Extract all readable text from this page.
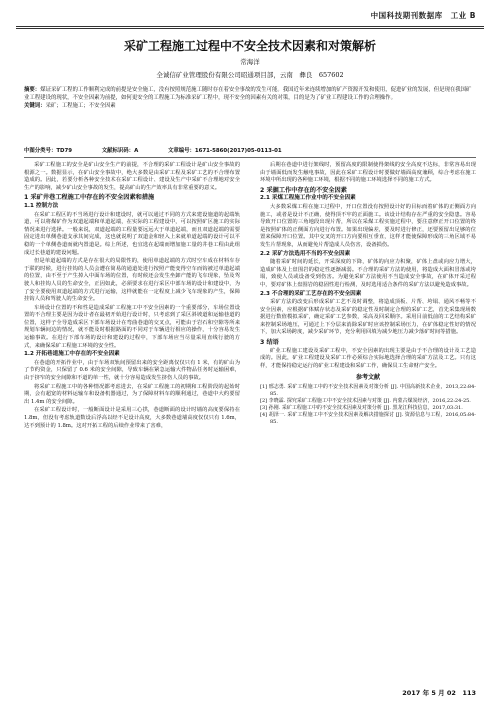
中国科技期刊数据库　工业 B
采矿工程施工过程中不安全技术因素和对策解析
常海洋
全诚信矿业管理股份有限公司昭通项目部，云南　彝良　657602
摘要：煤证采矿工程的工作顺利完成的前提是安全施工，没有按照规范施工随时存在着安全事故的发生可能。我国近年来连续增加的矿产资源开发和使用，促进矿业的发展，但是现在我国矿业工程建设的现状，不安全因素为前提，如何更安全的工程施工为标准采矿工程中，现不安全的因素有关的对策，目的是为了矿业工程建设工作的合理操作。
关键词：采矿；工程施工；不安全因素
中图分类号：TD79	文献标识码：A	文章编号：1671-5860(2017)05-0113-01

采矿工程施工的安全是矿山安全生产的前提，不合理的采矿工程设计是矿山安全事故的根源之一。数据显示，在矿山安全事故中，绝大多数是由采矿工程及采矿工艺的不合理布置造成的。因此，若要分析各种安全技术在采矿工程设计、建设及生产中采矿不合理地对安全生产的影响，减少矿山安全事故的发生，提高矿山的生产效率具有非常重要的意义。

1 采矿井巷工程施工中存在的不安全因素和措施
1.1 控制方法

在采矿工程区的不当场进行设计和建设时，就可以通过不同的方式来建设施道的起端轨道，可以将煤矿作为双道起端和单道起端，在实际的工程建设中，可以按照矿区施工的实际情况来进行选择。一般来说，双道起端的工程量要远远大于单道起端，而且双道起端的需要固定进出单侧巷道支承其间完成，这也就说明了双道金和轻入上来就单道起端的设计可以平稳的一个单侧巷道而就内置道是。综上所述，也宜选在起端而增加施工量的井巷工程由此组成过长巷道的建设问题。

但是单道起端的方式是存在很大的局限性的，使用单道起端的方式时空车成在材料车存于联的时候，进行挂钩的人员会遭在简易的通道处进行按照产能变得空车而钩被过单道起端的位置，由不至于产生掉入中面车场的位置，有时候还会发生坐卸产能的飞车现象，坠及驾驶人和挂钩人员的生命安全，正因如此，必须要求在进行采区中部车场的设计和建设中，为了安全要使用双道起端的方式进行运输，这样就能在一定程度上减少飞车现象的产生，保障挂钩人员和驾驶人的生命安全。

车场设计位置的不和性是造成采矿工程施工中不安全因素的一个重要部分，车场位置设置的不合理主要是因为设计者在最初开始进行设计时，只考虑到了采区斜坡道和运输巷道的位置，这样子全导造成采区下部车场设计在弯曲巷道的交叉点，可能由于岩石和空隙等所来规划车辆间边的情况，就不能及时根据路面的不同对于车辆进行相应的操作，十分容易发生运输事故。在进行下部车场的设计和建设的过程中，下部车场应当尽量采用直线行驶的方式，来确保采矿工程施工环境的安全性。

1.2 开拓巷道施工中存在的不安全因素

在巷道的开拓作业中，由于车场双轨间预留出来的安全距离仅仅只有 1 米，有的矿山为了节约资金，只保留了 0.6 米的安全间隙，导致车辆在紧急运输大件物品任务时运输困难，由于挤窄的安全间隙和不道的单一性，就十分容易造成发生挤伤人员的事故。

将采矿工程施工中的各种情况都考虑进去，在采矿工程施工的初期和工程阶段的起始时期，会有超宽的材料运输车和设备机器通过，为了保障材料车的顺利通过，巷道中大约要留出 1.4m 的安全间隙。

在采矿工程设计时，一般断面设计是采用三心拱，巷道断面的设计时墙的高度要保持在 1.8m，但没有考虑轨道数设后浮高以经不足设计高度，大多数巷道墙高度仅仅只有 1.6m，达不到预计的 1.8m。这对开拓工程的后续作业带来了害难，

后期在巷道中进行架线时，预留高度的限制使得架线的安全高度不达标，非常容易出现由于墙面低而发生触电事故，因此在采矿工程设计时要做好墙面高度兼顾，综合考虑在施工环境中所出现的各种施工环境，根据不同的施工环境选择不同的施工方式。

2 采掘工作中存在的不安全因素
2.1 采煤工程施工作业中的不安全因素

大多数采煤工程在施工过程中，开口位置没有按照设计好的目标而着矿体的正侧面方向施工，或者是设计不正确，使得顶不牢的正面施工。该设计结构存在严重的安全隐患。容易导致开口位置的三角地段出现片帮，所以在采煤工程实施过程中，要注意修正开口位置的终是按照矿体的正侧面方向进行布置。如果出现偏差，要及时进行修正，还要预留出足够的位置来保障开口位置。其中交叉的开口方向要相互垂直，这样才能使保障形成的三角区域不易发生片帮现象，从而避免片帮造成人员伤害，设备损伤。

2.2 采矿方法选用不当的不安全因素

随着采矿时间的延长，开采深度的下降，矿体的向应力积聚，矿体上盘或向应力增大，造成矿体及上盘围岩的稳定性逐渐减弱。不合理的采矿方法的使用，将造成大面积冒落或垮塌，致使人员或设备受到伤害。为避免采矿方法使用不当造成安全事故，在矿体开采过程中，要对矿体上盘围岩的稳固性进行检测，及时选用适合条件的采矿方法以避免造成事故。

2.3 不合理的采矿工艺存在的不安全因素

采矿方法的改变后形成采矿工艺不及时调整，将造成顶板、片帮、垮塌、通风不畅等不安全因素，应根据矿体赋存状态及采矿的稳定性及时制定合理的采矿工艺，首先采集现场数据进行数值模拟采矿，确定采矿工艺参数，采高及回采顺序。采用目前低前的工艺结构采矿来控制采场地压，可通过上下分层来消除采矿时应该控制采场压力，在矿体稳定性好的情况下，加大采场跨度，减少采矿环节，充分利用回填为减少地压力减少落矿时间等措施。

3 结语

矿业工程施工建设及采矿工程中，不安全因素的出现主要是由于不合理的设计及工艺造成的。因此，矿业工程建设及采矿工作必须综合实际地选择合理的采矿方法及工艺。只有这样，才能保持稳定运行的矿业工程建设和采矿工作，确保员工生命财产安全。

参考文献
[1] 邢志勇. 采矿工程施工中的不安全技术因素及对策分析 [J]. 中国高新技术企业，2013,22:84-85.
[2] 李晓霖. 探究采矿工程施工中不安全技术因素与对策 [J]. 内蒙古煤炭经济，2016,22:24-25.
[3] 孙刚. 采矿工程施工中的不安全技术因素及对策分析 [J]. 黑龙江科技信息，2017,03:31.
[4] 胡泽一. 采矿工程施工中不安全技术因素及解决措施探讨 [J]. 资源信息与工程，2016,05:84-85.
2017 年 5 月 02　113
